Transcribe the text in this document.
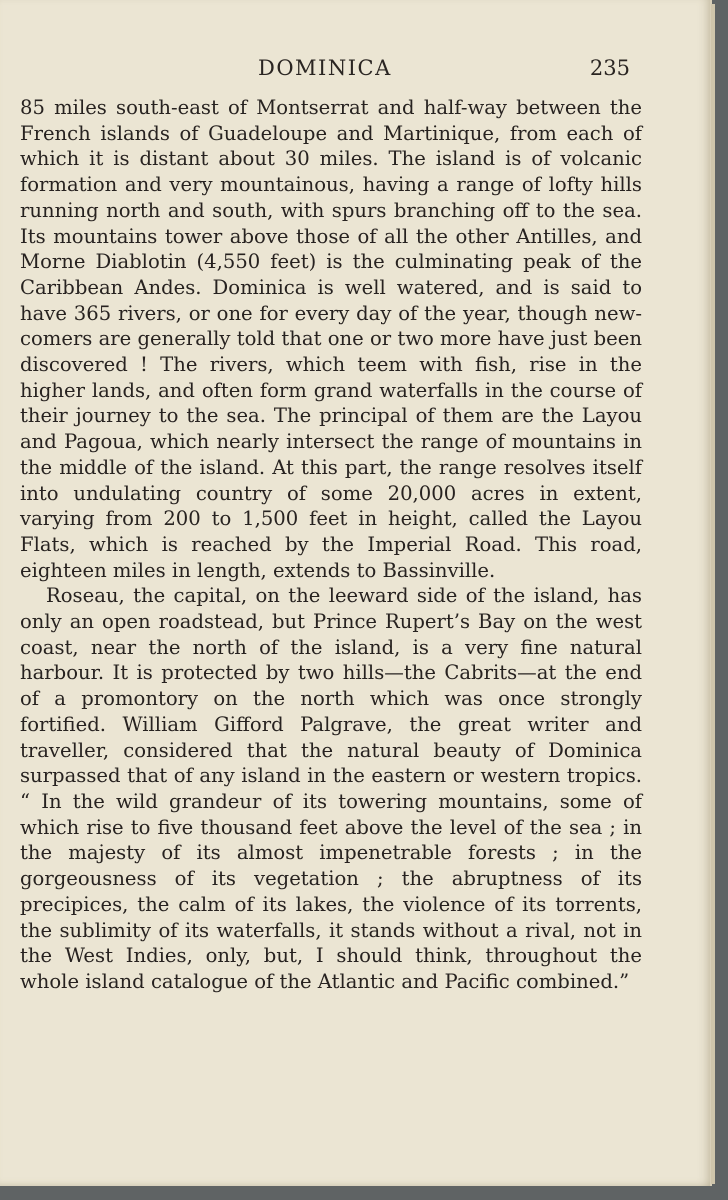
DOMINICA	235

85 miles south-east of Montserrat and half-way between the French islands of Guadeloupe and Martinique, from each of which it is distant about 30 miles. The island is of volcanic formation and very mountainous, having a range of lofty hills running north and south, with spurs branching off to the sea. Its mountains tower above those of all the other Antilles, and Morne Diablotin (4,550 feet) is the culminating peak of the Caribbean Andes. Dominica is well watered, and is said to have 365 rivers, or one for every day of the year, though new-comers are generally told that one or two more have just been discovered ! The rivers, which teem with fish, rise in the higher lands, and often form grand waterfalls in the course of their journey to the sea. The principal of them are the Layou and Pagoua, which nearly intersect the range of mountains in the middle of the island. At this part, the range resolves itself into undulating country of some 20,000 acres in extent, varying from 200 to 1,500 feet in height, called the Layou Flats, which is reached by the Imperial Road. This road, eighteen miles in length, extends to Bassinville.

Roseau, the capital, on the leeward side of the island, has only an open roadstead, but Prince Rupert’s Bay on the west coast, near the north of the island, is a very fine natural harbour. It is protected by two hills—the Cabrits—at the end of a promontory on the north which was once strongly fortified. William Gifford Palgrave, the great writer and traveller, considered that the natural beauty of Dominica surpassed that of any island in the eastern or western tropics. “ In the wild grandeur of its towering mountains, some of which rise to five thousand feet above the level of the sea ; in the majesty of its almost impenetrable forests ; in the gorgeousness of its vegetation ; the abruptness of its precipices, the calm of its lakes, the violence of its torrents, the sublimity of its waterfalls, it stands without a rival, not in the West Indies, only, but, I should think, throughout the whole island catalogue of the Atlantic and Pacific combined.”
